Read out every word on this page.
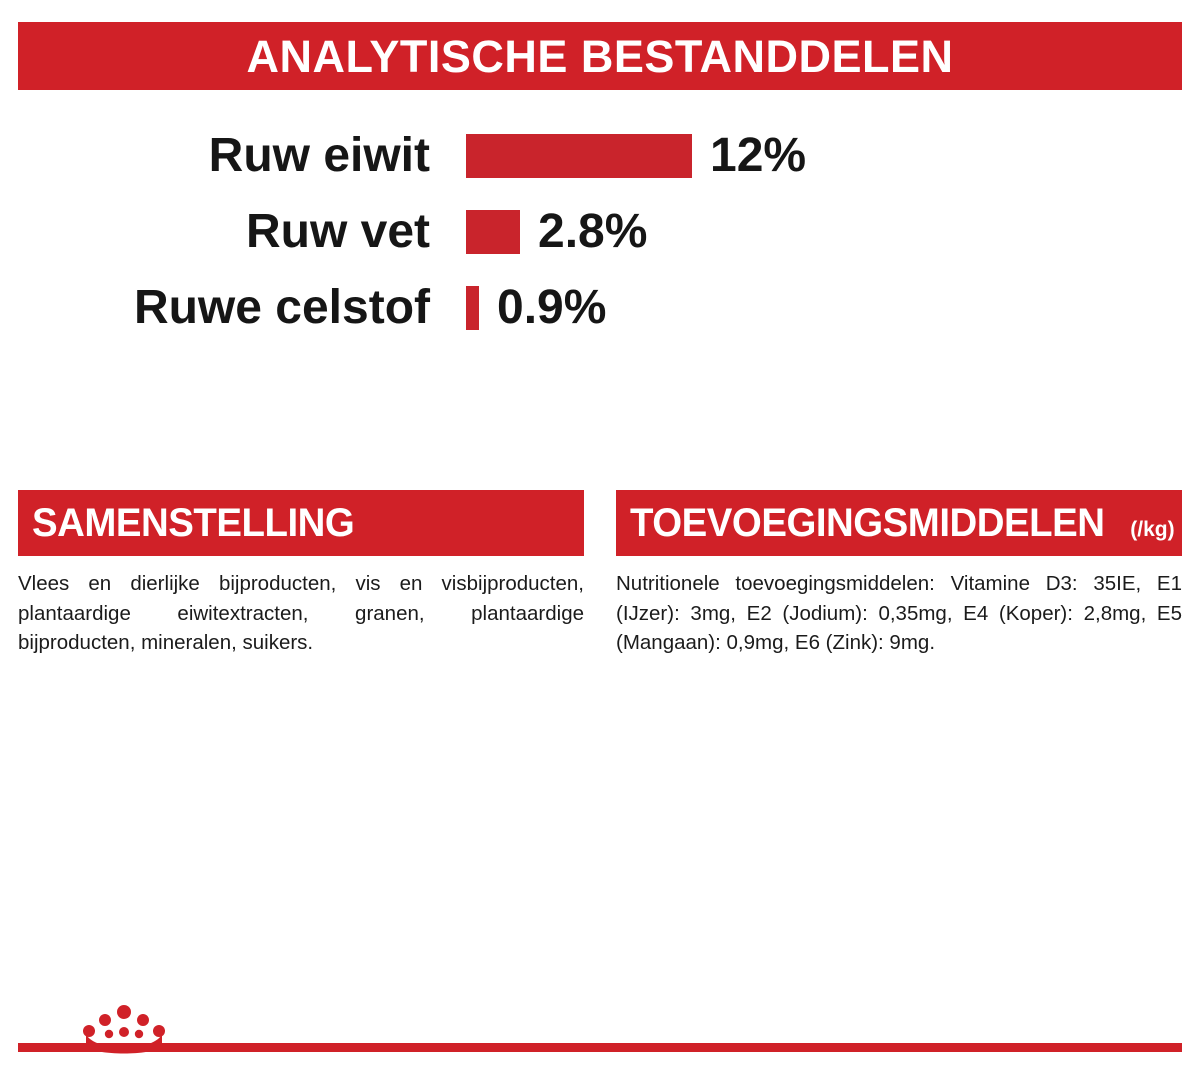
ANALYTISCHE BESTANDDELEN
Ruw eiwit	12%
Ruw vet 2.8%
Ruwe celstof 0.9%
SAMENSTELLING
Vlees en dierlijke bijproducten, vis en visbijproducten, plantaardige eiwitextracten, granen, plantaardige bijproducten, mineralen, suikers.
TOEVOEGINGSMIDDELEN (/kg)
Nutritionele toevoegingsmiddelen: Vitamine D3: 35IE, E1 (IJzer): 3mg, E2 (Jodium): 0,35mg, E4 (Koper): 2,8mg, E5 (Mangaan): 0,9mg, E6 (Zink): 9mg.
